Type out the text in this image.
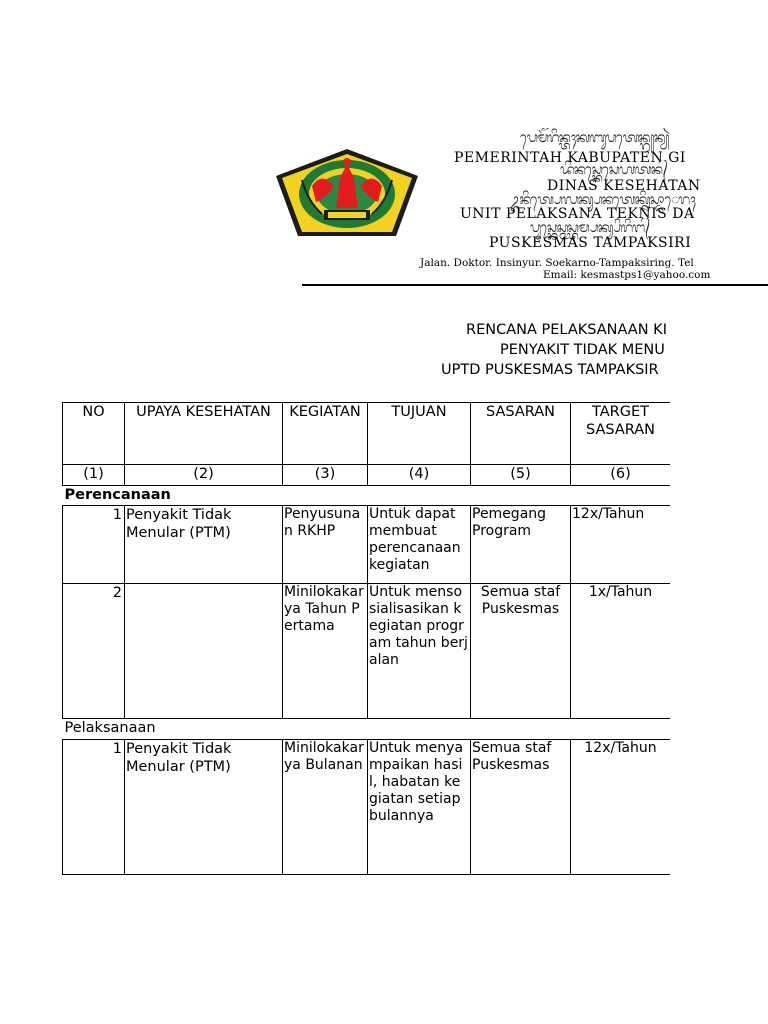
ᬧᬾᬫᭂᬭᬶᬦ᭄ᬢᬄᬓᬩᬸᬧᬢᬾᬦ᭄ᬕ᭄ᬬᬦ᭄ᬬᬃ
PEMERINTAH KABUPATEN GI
ᬤᬶᬦᬲ᭄ᬓᬾᬲᬾᬳᬢᬦ᭄
DINAS KESEHATAN
ᬉᬦᬶᬢ᭄ᬧᬾᬮᬓ᭄ᬲᬦᬢᬾᬓ᭄ᬦᬶᬲ᭄ᬤᬵᬾᬭᬄ
UNIT PELAKSANA TEKNIS DA
ᬧᬸᬲ᭄ᬓᬾᬲ᭄ᬫᬲ᭄ᬢᬫ᭄ᬧᬓ᭄ᬲᬶᬭᬶᬗ᭄
PUSKESMAS TAMPAKSIRI
Jalan. Doktor. Insinyur. Soekarno-Tampaksiring. Tel
Email: kesmastps1@yahoo.com
RENCANA PELAKSANAAN KI
PENYAKIT TIDAK MENU
UPTD PUSKESMAS TAMPAKSIR
NO	UPAYA KESEHATAN	KEGIATAN	TUJUAN	SASARAN	TARGET SASARAN
(1)	(2)	(3)	(4)	(5)	(6)
Perencanaan					
1	Penyakit Tidak Menular (PTM)	Penyusunan RKHP	Untuk dapat membuat perencanaan kegiatan	Pemegang Program	12x/Tahun
2		Minilokakarya Tahun Pertama	Untuk mensosialisasikan kegiatan program tahun berjalan	Semua staf Puskesmas	1x/Tahun
Pelaksanaan					
1	Penyakit Tidak Menular (PTM)	Minilokakarya Bulanan	Untuk menyampaikan hasil, habatan kegiatan setiap bulannya	Semua staf Puskesmas	12x/Tahun
